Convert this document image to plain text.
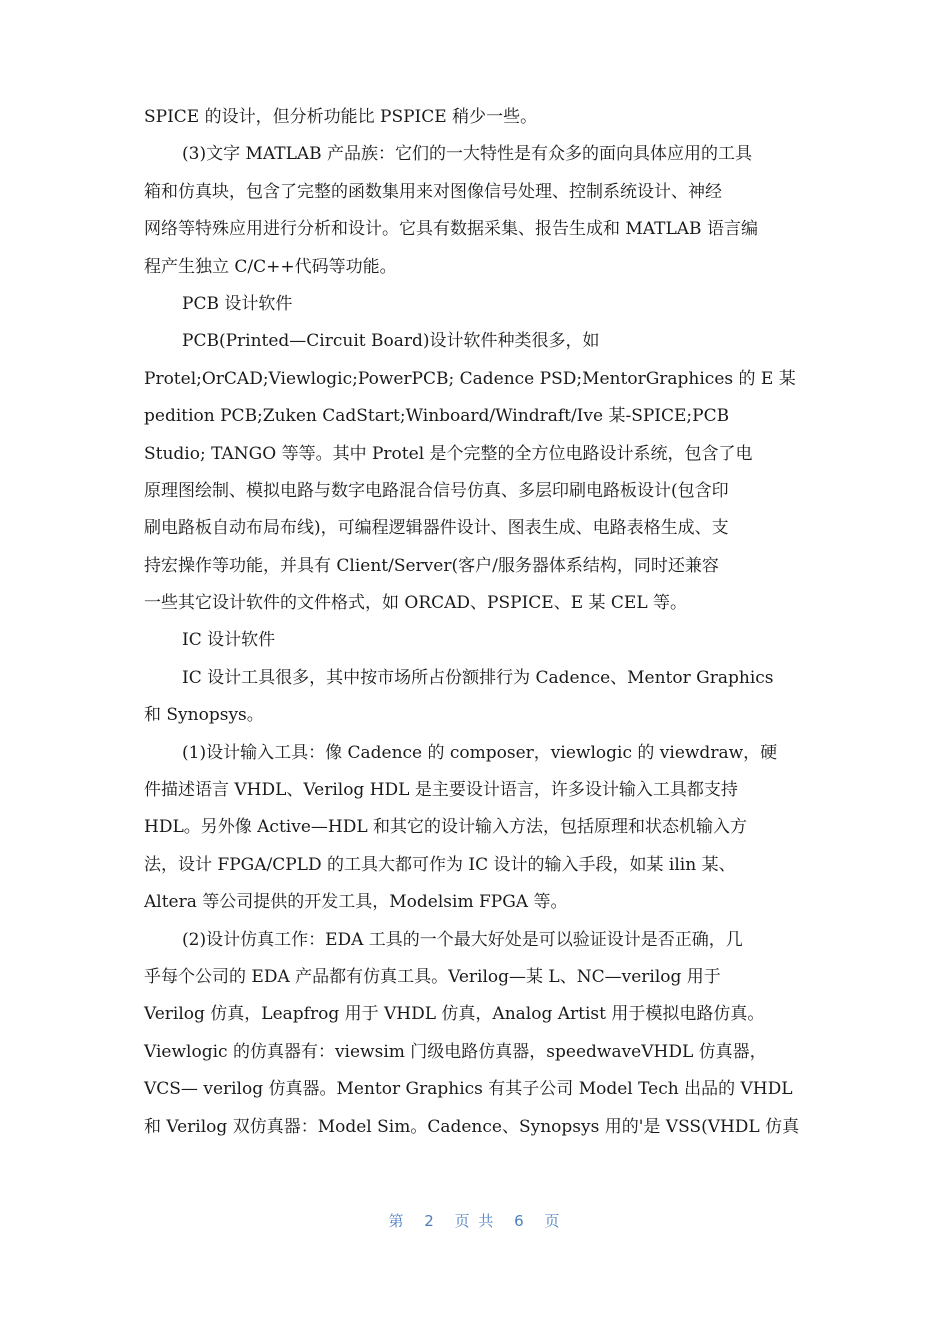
SPICE 的设计，但分析功能比 PSPICE 稍少一些。
(3)文字 MATLAB 产品族：它们的一大特性是有众多的面向具体应用的工具
箱和仿真块，包含了完整的函数集用来对图像信号处理、控制系统设计、神经
网络等特殊应用进行分析和设计。它具有数据采集、报告生成和 MATLAB 语言编
程产生独立 C/C++代码等功能。
PCB 设计软件
PCB(Printed—Circuit Board)设计软件种类很多，如
Protel;OrCAD;Viewlogic;PowerPCB; Cadence PSD;MentorGraphices 的 E 某
pedition PCB;Zuken CadStart;Winboard/Windraft/Ive 某-SPICE;PCB
Studio; TANGO 等等。其中 Protel 是个完整的全方位电路设计系统，包含了电
原理图绘制、模拟电路与数字电路混合信号仿真、多层印刷电路板设计(包含印
刷电路板自动布局布线)，可编程逻辑器件设计、图表生成、电路表格生成、支
持宏操作等功能，并具有 Client/Server(客户/服务器体系结构，同时还兼容
一些其它设计软件的文件格式，如 ORCAD、PSPICE、E 某 CEL 等。
IC 设计软件
IC 设计工具很多，其中按市场所占份额排行为 Cadence、Mentor Graphics
和 Synopsys。
(1)设计输入工具：像 Cadence 的 composer，viewlogic 的 viewdraw，硬
件描述语言 VHDL、Verilog HDL 是主要设计语言，许多设计输入工具都支持
HDL。另外像 Active—HDL 和其它的设计输入方法，包括原理和状态机输入方
法，设计 FPGA/CPLD 的工具大都可作为 IC 设计的输入手段，如某 ilin 某、
Altera 等公司提供的开发工具，Modelsim FPGA 等。
(2)设计仿真工作：EDA 工具的一个最大好处是可以验证设计是否正确，几
乎每个公司的 EDA 产品都有仿真工具。Verilog—某 L、NC—verilog 用于
Verilog 仿真，Leapfrog 用于 VHDL 仿真，Analog Artist 用于模拟电路仿真。
Viewlogic 的仿真器有：viewsim 门级电路仿真器，speedwaveVHDL 仿真器，
VCS— verilog 仿真器。Mentor Graphics 有其子公司 Model Tech 出品的 VHDL
和 Verilog 双仿真器：Model Sim。Cadence、Synopsys 用的'是 VSS(VHDL 仿真
第 2 页 共 6 页
